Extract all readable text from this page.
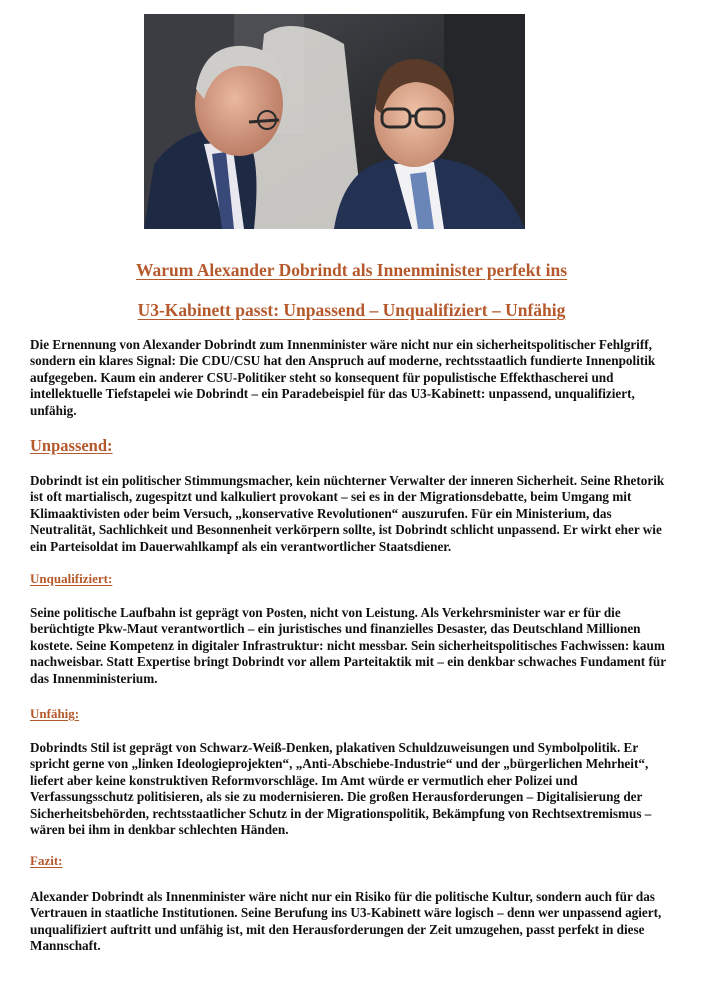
Warum Alexander Dobrindt als Innenminister perfekt ins
U3-Kabinett passt: Unpassend – Unqualifiziert – Unfähig
Die Ernennung von Alexander Dobrindt zum Innenminister wäre nicht nur ein sicherheitspolitischer Fehlgriff, sondern ein klares Signal: Die CDU/CSU hat den Anspruch auf moderne, rechtsstaatlich fundierte Innenpolitik aufgegeben. Kaum ein anderer CSU-Politiker steht so konsequent für populistische Effekthascherei und intellektuelle Tiefstapelei wie Dobrindt – ein Paradebeispiel für das U3-Kabinett: unpassend, unqualifiziert, unfähig.
Unpassend:
Dobrindt ist ein politischer Stimmungsmacher, kein nüchterner Verwalter der inneren Sicherheit. Seine Rhetorik ist oft martialisch, zugespitzt und kalkuliert provokant – sei es in der Migrationsdebatte, beim Umgang mit Klimaaktivisten oder beim Versuch, „konservative Revolutionen“ auszurufen. Für ein Ministerium, das Neutralität, Sachlichkeit und Besonnenheit verkörpern sollte, ist Dobrindt schlicht unpassend. Er wirkt eher wie ein Parteisoldat im Dauerwahlkampf als ein verantwortlicher Staatsdiener.
Unqualifiziert:
Seine politische Laufbahn ist geprägt von Posten, nicht von Leistung. Als Verkehrsminister war er für die berüchtigte Pkw-Maut verantwortlich – ein juristisches und finanzielles Desaster, das Deutschland Millionen kostete. Seine Kompetenz in digitaler Infrastruktur: nicht messbar. Sein sicherheitspolitisches Fachwissen: kaum nachweisbar. Statt Expertise bringt Dobrindt vor allem Parteitaktik mit – ein denkbar schwaches Fundament für das Innenministerium.
Unfähig:
Dobrindts Stil ist geprägt von Schwarz-Weiß-Denken, plakativen Schuldzuweisungen und Symbolpolitik. Er spricht gerne von „linken Ideologieprojekten“, „Anti-Abschiebe-Industrie“ und der „bürgerlichen Mehrheit“, liefert aber keine konstruktiven Reformvorschläge. Im Amt würde er vermutlich eher Polizei und Verfassungsschutz politisieren, als sie zu modernisieren. Die großen Herausforderungen – Digitalisierung der Sicherheitsbehörden, rechtsstaatlicher Schutz in der Migrationspolitik, Bekämpfung von Rechtsextremismus – wären bei ihm in denkbar schlechten Händen.
Fazit:
Alexander Dobrindt als Innenminister wäre nicht nur ein Risiko für die politische Kultur, sondern auch für das Vertrauen in staatliche Institutionen. Seine Berufung ins U3-Kabinett wäre logisch – denn wer unpassend agiert, unqualifiziert auftritt und unfähig ist, mit den Herausforderungen der Zeit umzugehen, passt perfekt in diese Mannschaft.
